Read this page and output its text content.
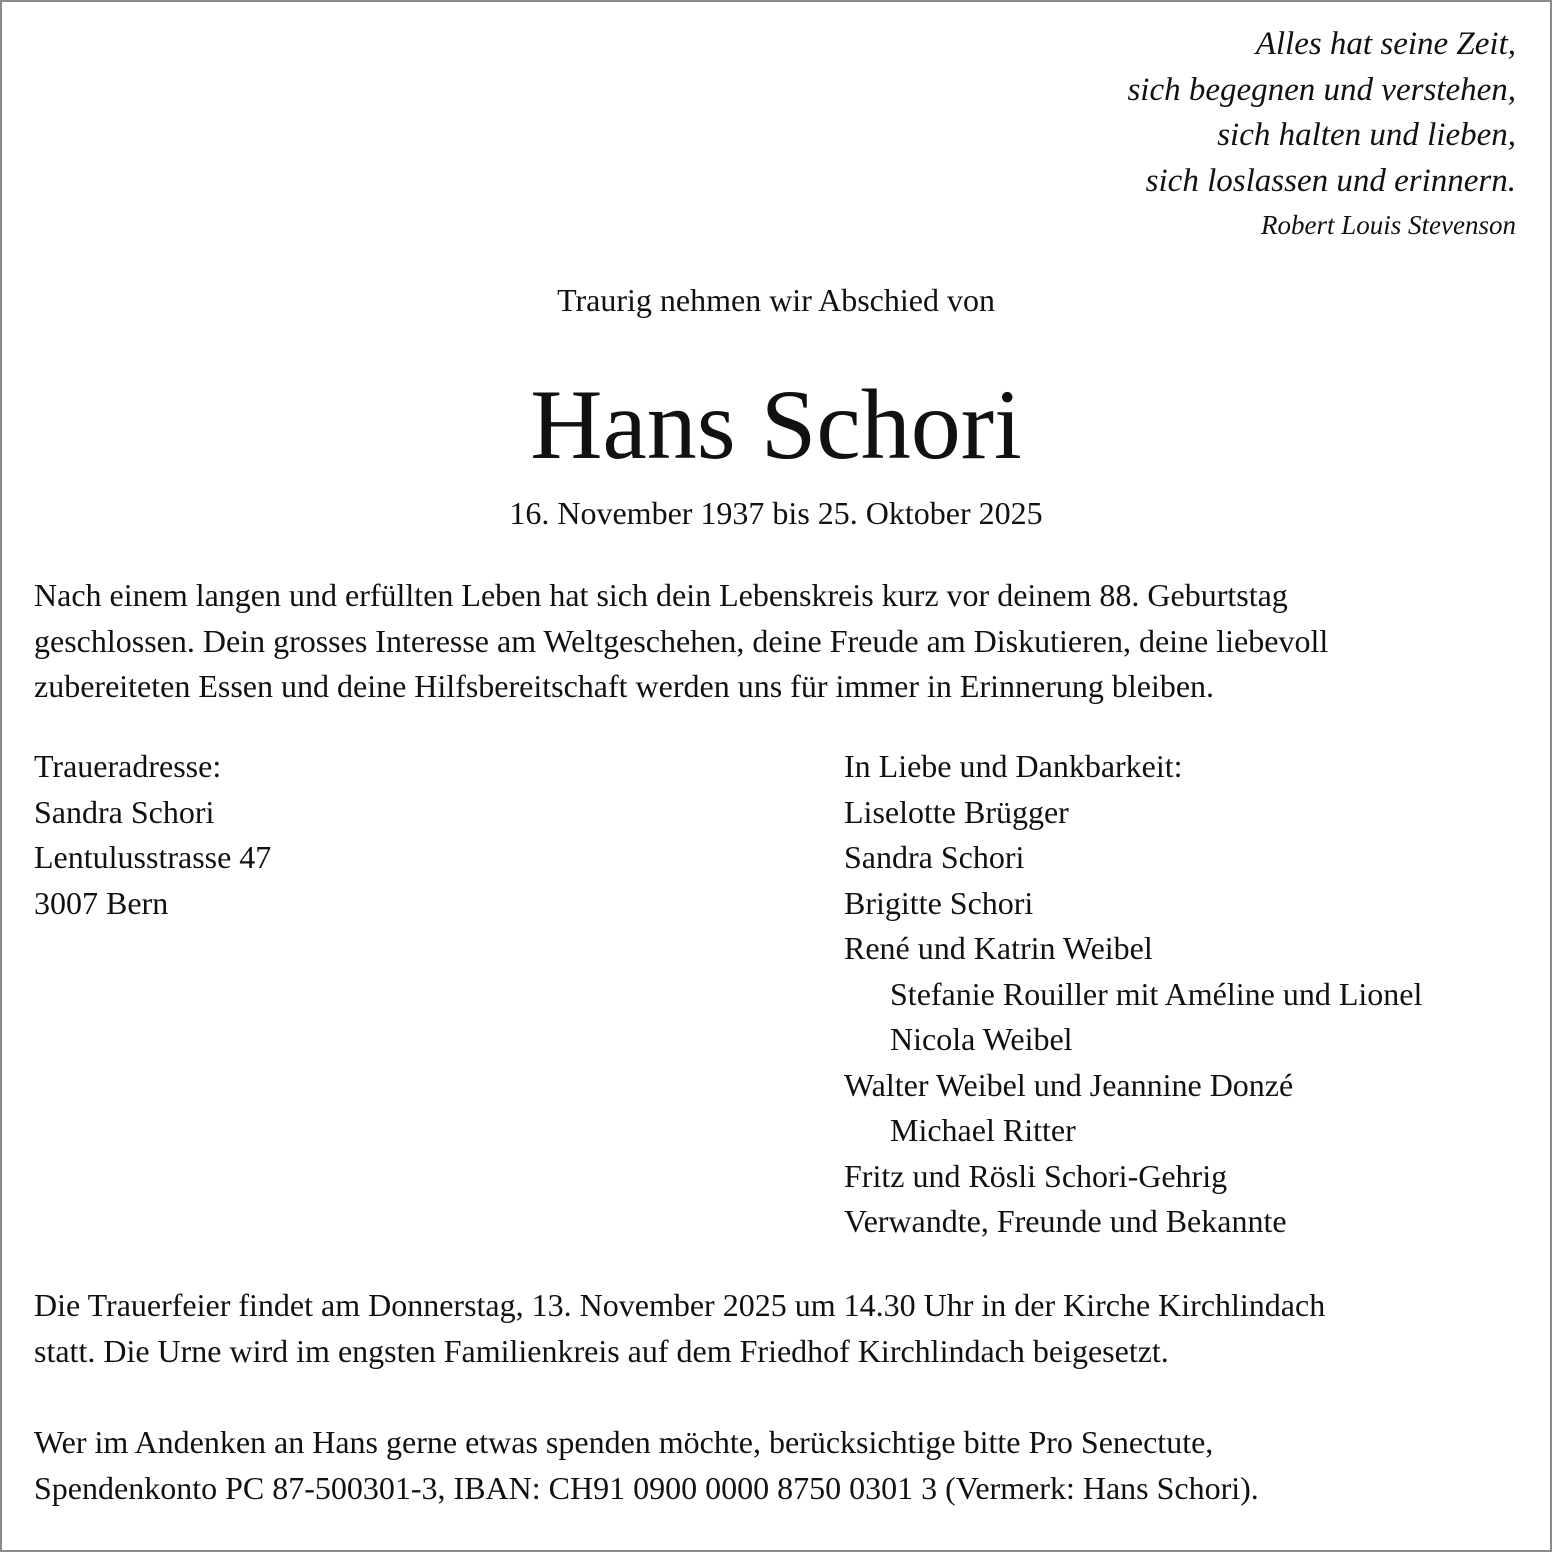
Alles hat seine Zeit,
sich begegnen und verstehen,
sich halten und lieben,
sich loslassen und erinnern.
Robert Louis Stevenson
Traurig nehmen wir Abschied von
Hans Schori
16. November 1937 bis 25. Oktober 2025
Nach einem langen und erfüllten Leben hat sich dein Lebenskreis kurz vor deinem 88. Geburtstag
geschlossen. Dein grosses Interesse am Weltgeschehen, deine Freude am Diskutieren, deine liebevoll
zubereiteten Essen und deine Hilfsbereitschaft werden uns für immer in Erinnerung bleiben.
Traueradresse:
Sandra Schori
Lentulusstrasse 47
3007 Bern
In Liebe und Dankbarkeit:
Liselotte Brügger
Sandra Schori
Brigitte Schori
René und Katrin Weibel
Stefanie Rouiller mit Améline und Lionel
Nicola Weibel
Walter Weibel und Jeannine Donzé
Michael Ritter
Fritz und Rösli Schori-Gehrig
Verwandte, Freunde und Bekannte
Die Trauerfeier findet am Donnerstag, 13. November 2025 um 14.30 Uhr in der Kirche Kirchlindach
statt. Die Urne wird im engsten Familienkreis auf dem Friedhof Kirchlindach beigesetzt.
Wer im Andenken an Hans gerne etwas spenden möchte, berücksichtige bitte Pro Senectute,
Spendenkonto PC 87-500301-3, IBAN: CH91 0900 0000 8750 0301 3 (Vermerk: Hans Schori).
